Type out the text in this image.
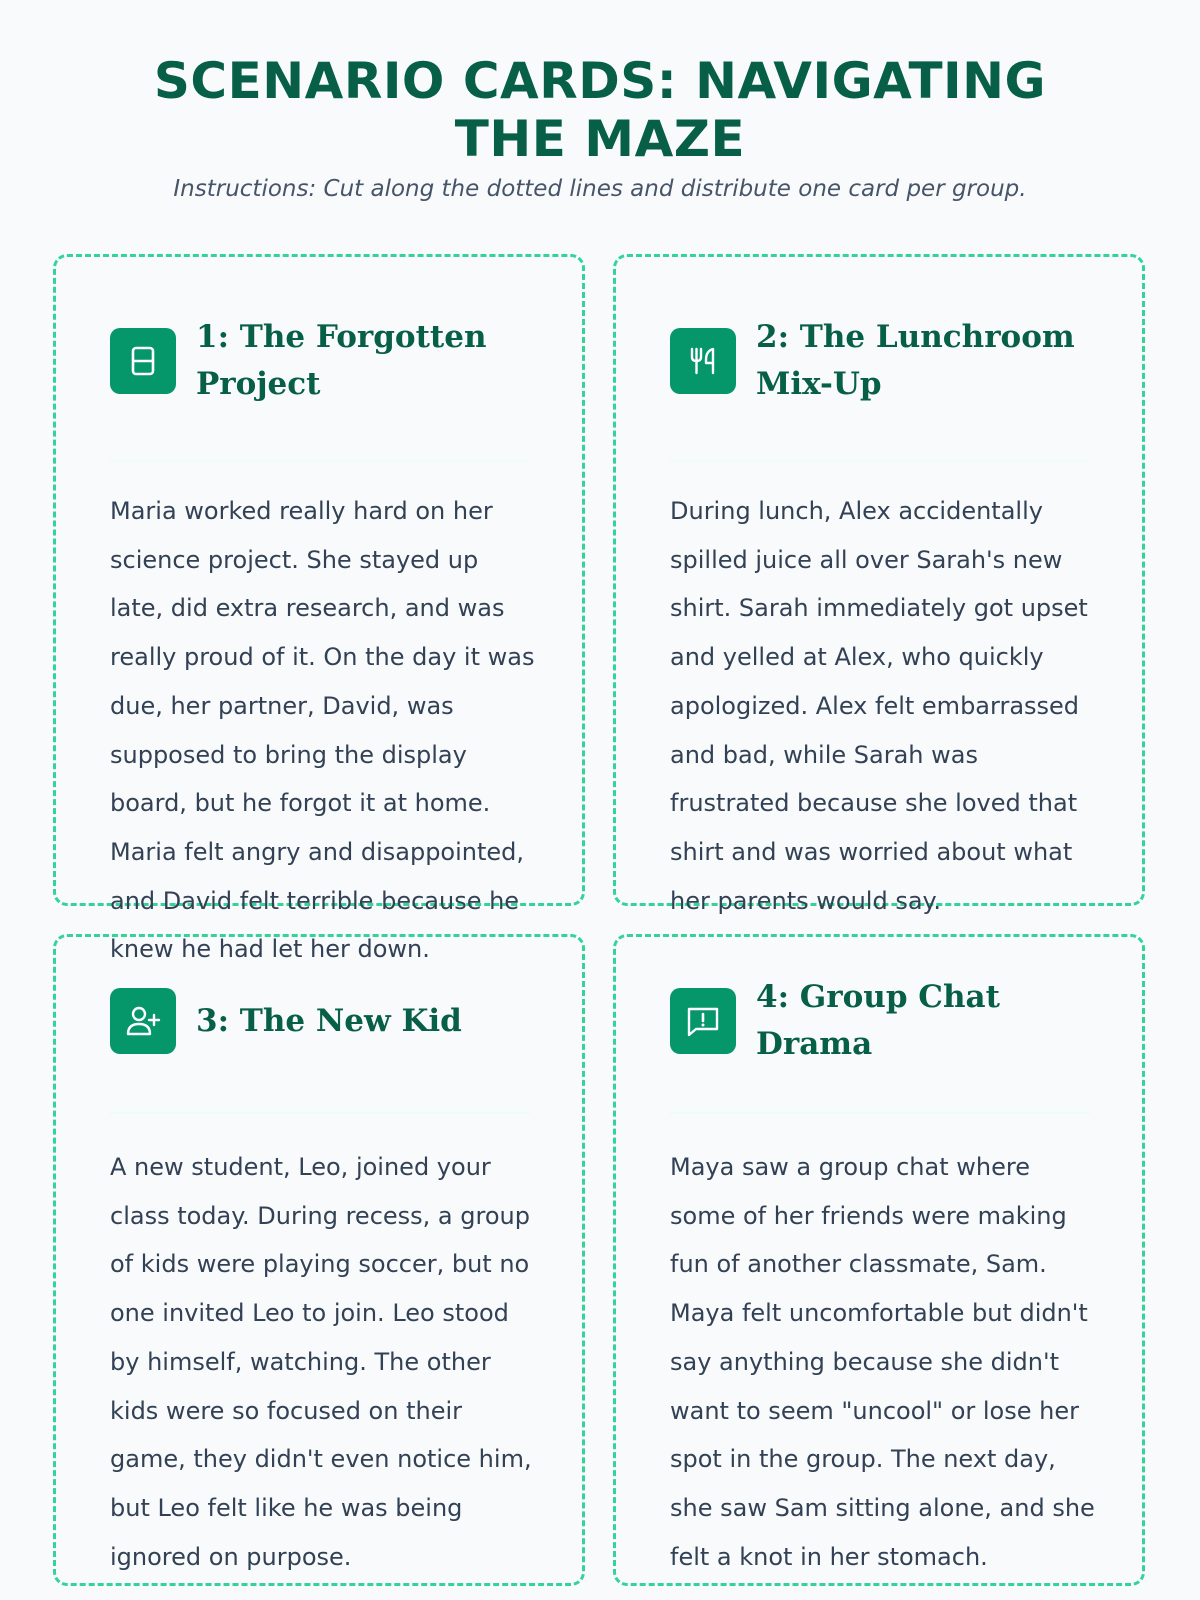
SCENARIO CARDS: NAVIGATING THE MAZE

Instructions: Cut along the dotted lines and distribute one card per group.

1: The Forgotten Project

Maria worked really hard on her science project. She stayed up late, did extra research, and was really proud of it. On the day it was due, her partner, David, was supposed to bring the display board, but he forgot it at home. Maria felt angry and disappointed, and David felt terrible because he knew he had let her down.

2: The Lunchroom Mix-Up

During lunch, Alex accidentally spilled juice all over Sarah's new shirt. Sarah immediately got upset and yelled at Alex, who quickly apologized. Alex felt embarrassed and bad, while Sarah was frustrated because she loved that shirt and was worried about what her parents would say.

3: The New Kid

A new student, Leo, joined your class today. During recess, a group of kids were playing soccer, but no one invited Leo to join. Leo stood by himself, watching. The other kids were so focused on their game, they didn't even notice him, but Leo felt like he was being ignored on purpose.

4: Group Chat Drama

Maya saw a group chat where some of her friends were making fun of another classmate, Sam. Maya felt uncomfortable but didn't say anything because she didn't want to seem "uncool" or lose her spot in the group. The next day, she saw Sam sitting alone, and she felt a knot in her stomach.
